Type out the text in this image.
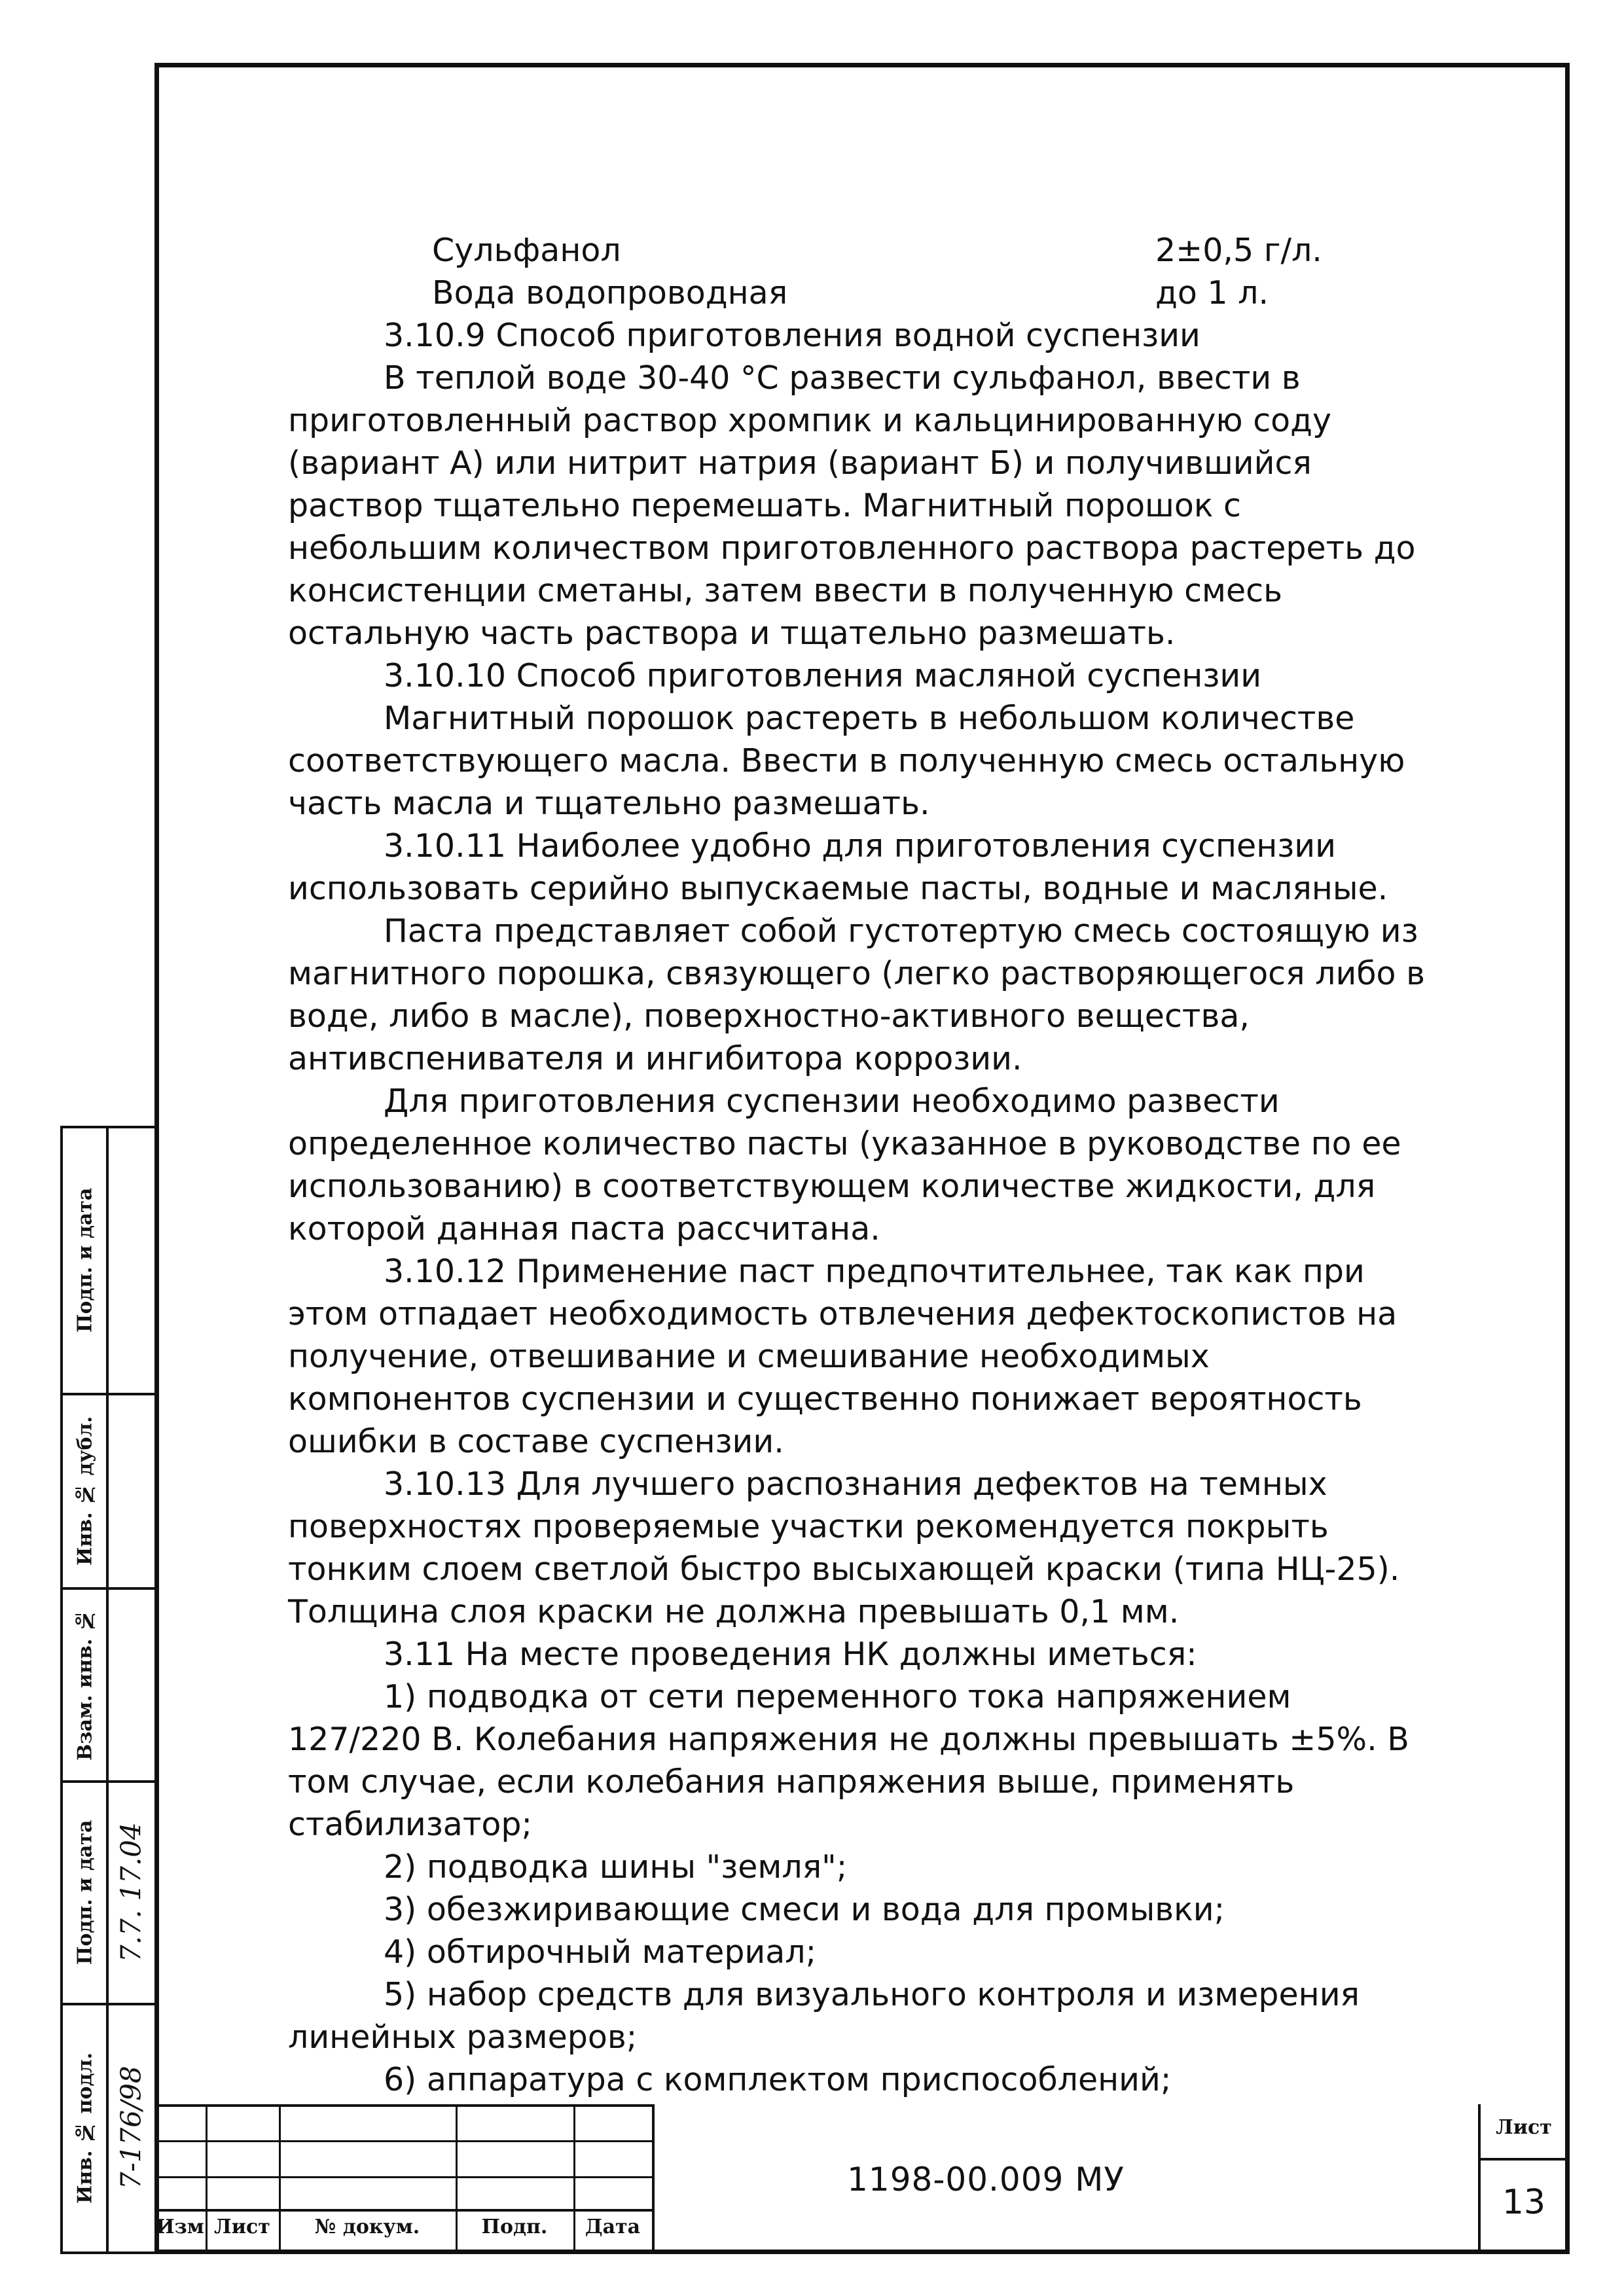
Сульфанол	2±0,5 г/л.
Вода водопроводная	до 1 л.

3.10.9 Способ приготовления водной суспензии

В теплой воде 30-40 °С развести сульфанол, ввести в приготовленный раствор хромпик и кальцинированную соду (вариант А) или нитрит натрия (вариант Б) и получившийся раствор тщательно перемешать. Магнитный порошок с небольшим количеством приготовленного раствора растереть до консистенции сметаны, затем ввести в полученную смесь остальную часть раствора и тщательно размешать.

3.10.10 Способ приготовления масляной суспензии

Магнитный порошок растереть в небольшом количестве соответствующего масла. Ввести в полученную смесь остальную часть масла и тщательно размешать.

3.10.11 Наиболее удобно для приготовления суспензии использовать серийно выпускаемые пасты, водные и масляные.

Паста представляет собой густотертую смесь состоящую из магнитного порошка, связующего (легко растворяющегося либо в воде, либо в масле), поверхностно-активного вещества, антивспенивателя и ингибитора коррозии.

Для приготовления суспензии необходимо развести определенное количество пасты (указанное в руководстве по ее использованию) в соответствующем количестве жидкости, для которой данная паста рассчитана.

3.10.12 Применение паст предпочтительнее, так как при этом отпадает необходимость отвлечения дефектоскопистов на получение, отвешивание и смешивание необходимых компонентов суспензии и существенно понижает вероятность ошибки в составе суспензии.

3.10.13 Для лучшего распознания дефектов на темных поверхностях проверяемые участки рекомендуется покрыть тонким слоем светлой быстро высыхающей краски (типа НЦ-25). Толщина слоя краски не должна превышать 0,1 мм.

3.11 На месте проведения НК должны иметься:

1) подводка от сети переменного тока напряжением 127/220 В. Колебания напряжения не должны превышать ±5%. В том случае, если колебания напряжения выше, применять стабилизатор;

2) подводка шины "земля";

3) обезжиривающие смеси и вода для промывки;

4) обтирочный материал;

5) набор средств для визуального контроля и измерения линейных размеров;

6) аппаратура с комплектом приспособлений;

Подп. и дата
Инв. № дубл.
Взам. инв. №
Подп. и дата
Инв. № подл.
7.7. 17.04
7-176/98
Изм Лист	№ докум.	Подп.	Дата
1198-00.009 МУ
Лист
13
